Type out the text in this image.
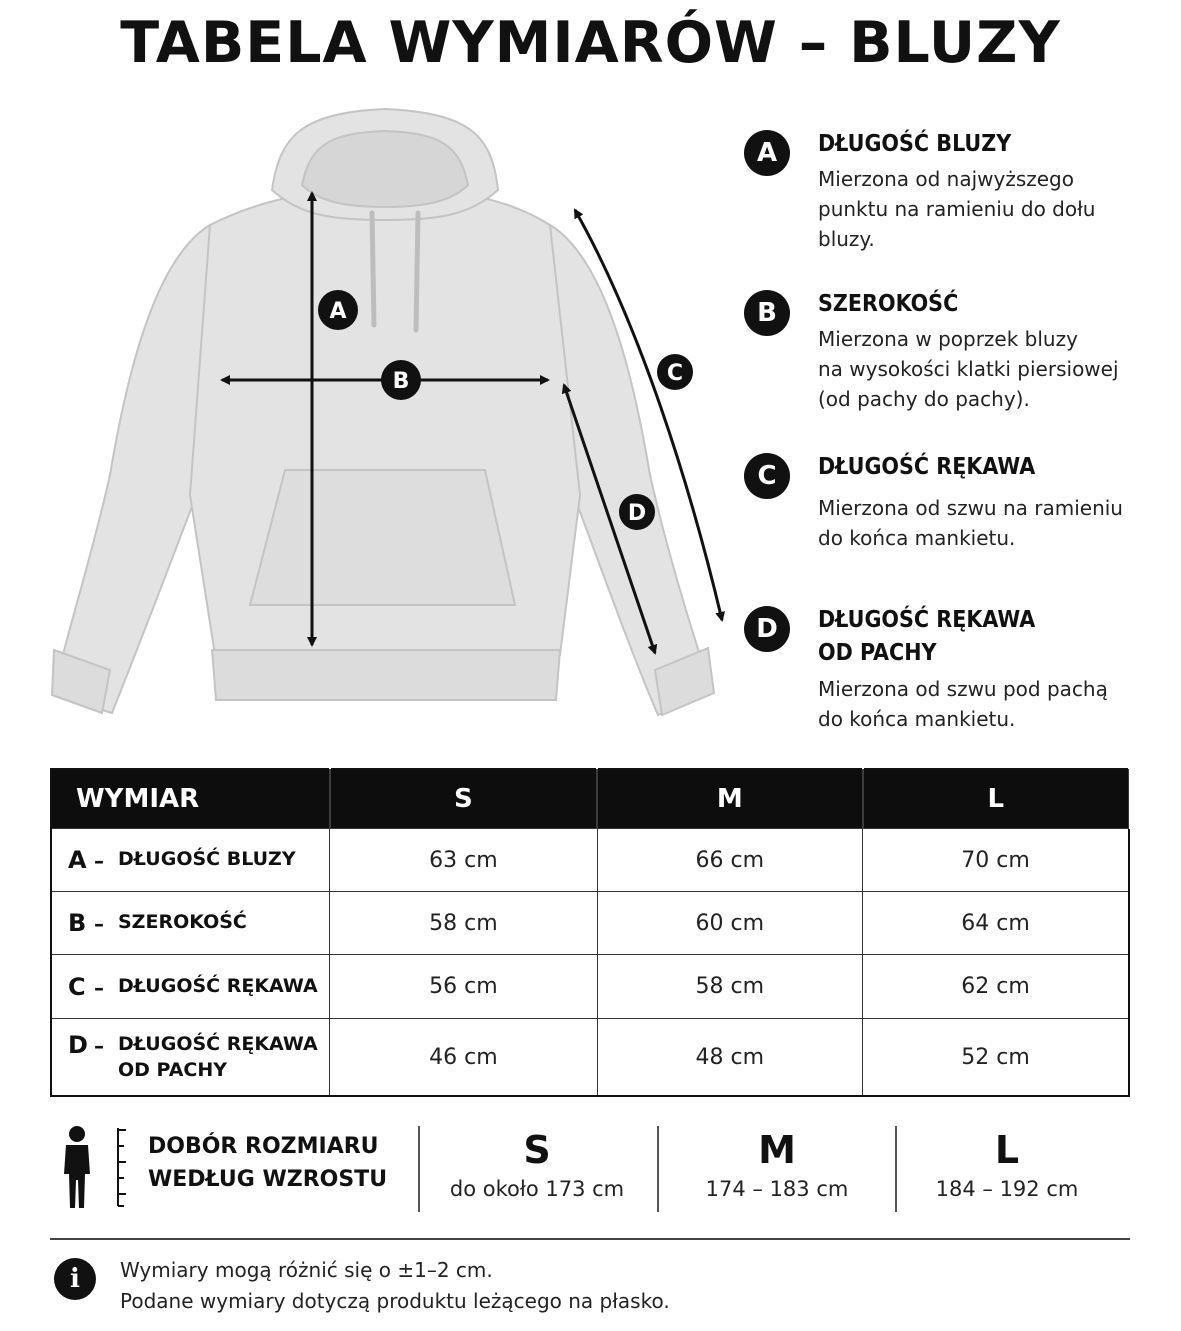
TABELA WYMIARÓW – BLUZY
A
B	C
D
A	DŁUGOŚĆ BLUZY
Mierzona od najwyższego
punktu na ramieniu do dołu
bluzy.
B	SZEROKOŚĆ
Mierzona w poprzek bluzy
na wysokości klatki piersiowej
(od pachy do pachy).
C	DŁUGOŚĆ RĘKAWA
Mierzona od szwu na ramieniu
do końca mankietu.
D	DŁUGOŚĆ RĘKAWA
OD PACHY
Mierzona od szwu pod pachą
do końca mankietu.
WYMIAR	S	M	L
A – DŁUGOŚĆ BLUZY	63 cm	66 cm	70 cm
B – SZEROKOŚĆ	58 cm	60 cm	64 cm
C – DŁUGOŚĆ RĘKAWA	56 cm	58 cm	62 cm
D – DŁUGOŚĆ RĘKAWA
OD PACHY	46 cm	48 cm	52 cm
DOBÓR ROZMIARU
WEDŁUG WZROSTU
S
do około 173 cm
M
174 – 183 cm
L
184 – 192 cm
i	Wymiary mogą różnić się o ±1–2 cm.
Podane wymiary dotyczą produktu leżącego na płasko.
